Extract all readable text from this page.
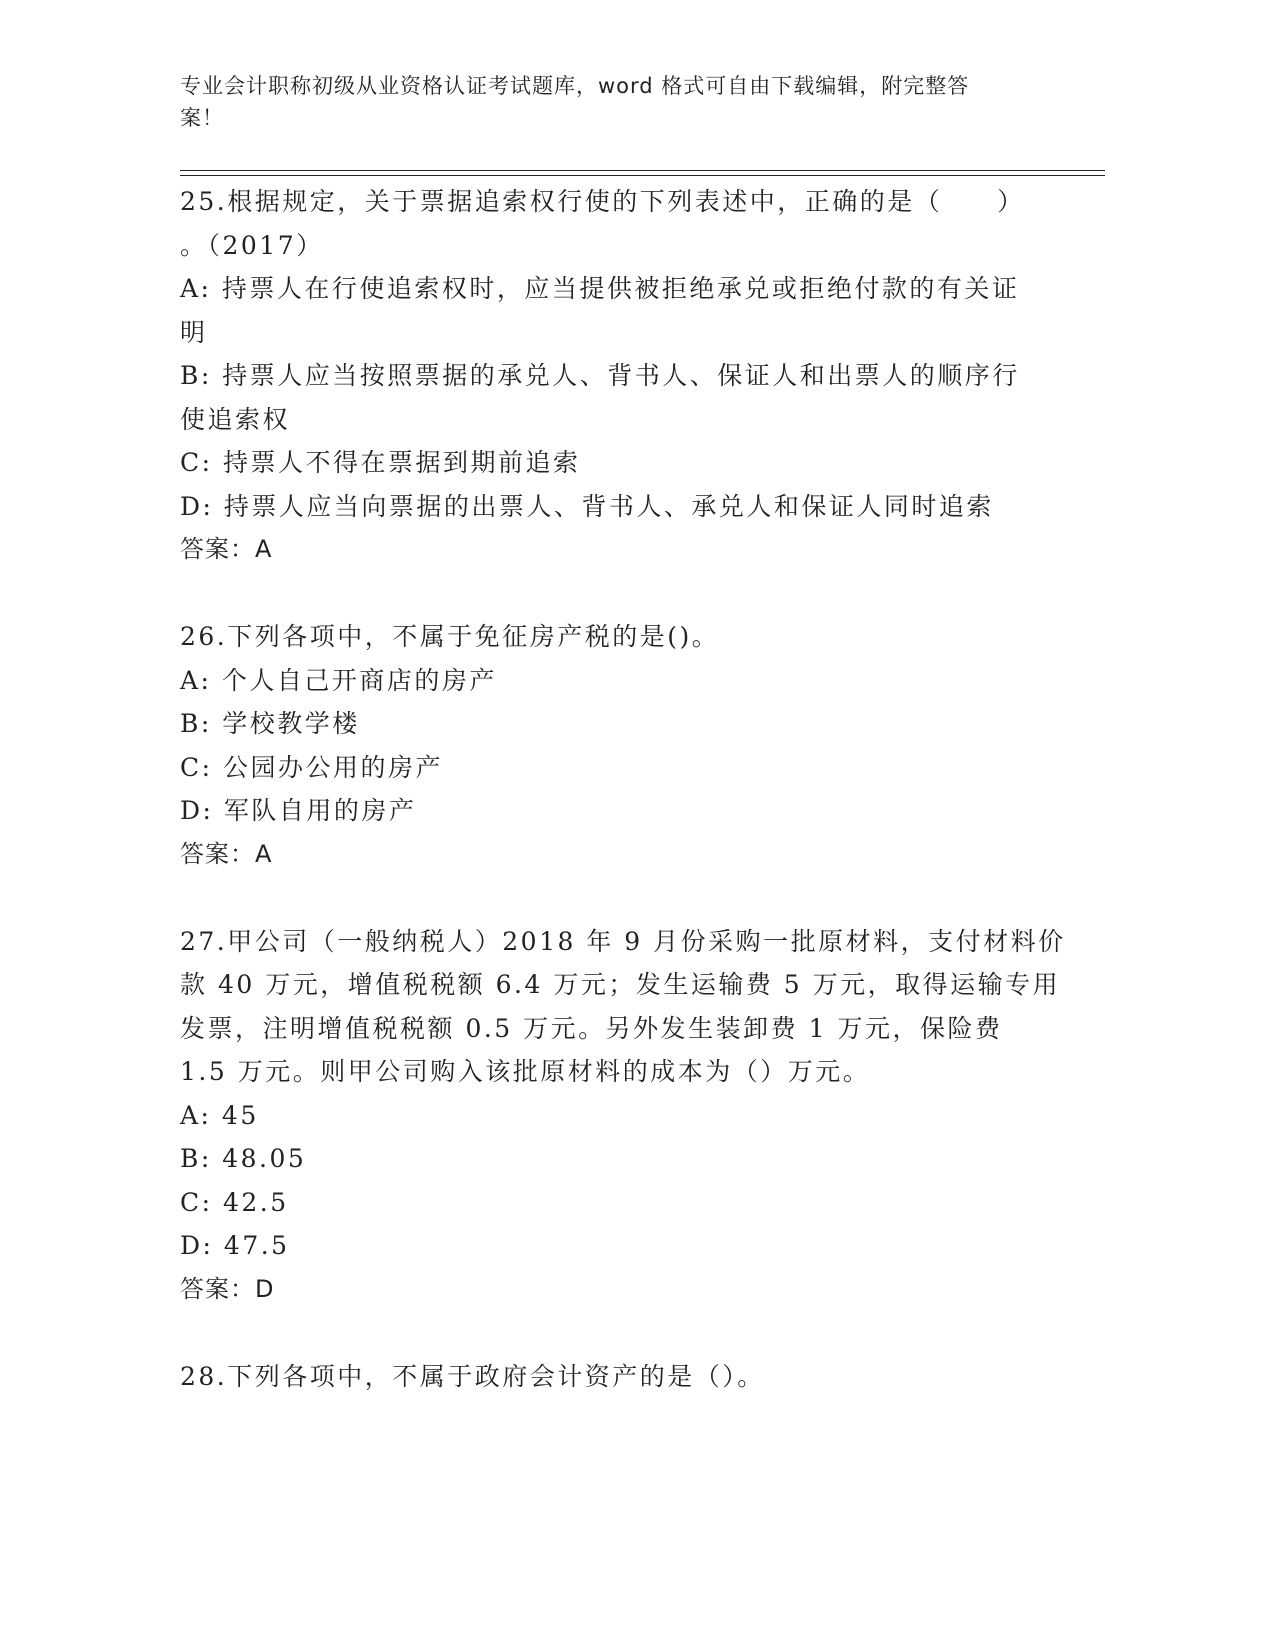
专业会计职称初级从业资格认证考试题库，word 格式可自由下载编辑，附完整答
案！
25.根据规定，关于票据追索权行使的下列表述中，正确的是（　　）
。（2017）
A: 持票人在行使追索权时，应当提供被拒绝承兑或拒绝付款的有关证
明
B: 持票人应当按照票据的承兑人、背书人、保证人和出票人的顺序行
使追索权
C: 持票人不得在票据到期前追索
D: 持票人应当向票据的出票人、背书人、承兑人和保证人同时追索
答案：A
26.下列各项中，不属于免征房产税的是()。
A: 个人自己开商店的房产
B: 学校教学楼
C: 公园办公用的房产
D: 军队自用的房产
答案：A
27.甲公司（一般纳税人）2018 年 9 月份采购一批原材料，支付材料价
款 40 万元，增值税税额 6.4 万元；发生运输费 5 万元，取得运输专用
发票，注明增值税税额 0.5 万元。另外发生装卸费 1 万元，保险费
1.5 万元。则甲公司购入该批原材料的成本为（）万元。
A: 45
B: 48.05
C: 42.5
D: 47.5
答案：D
28.下列各项中，不属于政府会计资产的是（）。
